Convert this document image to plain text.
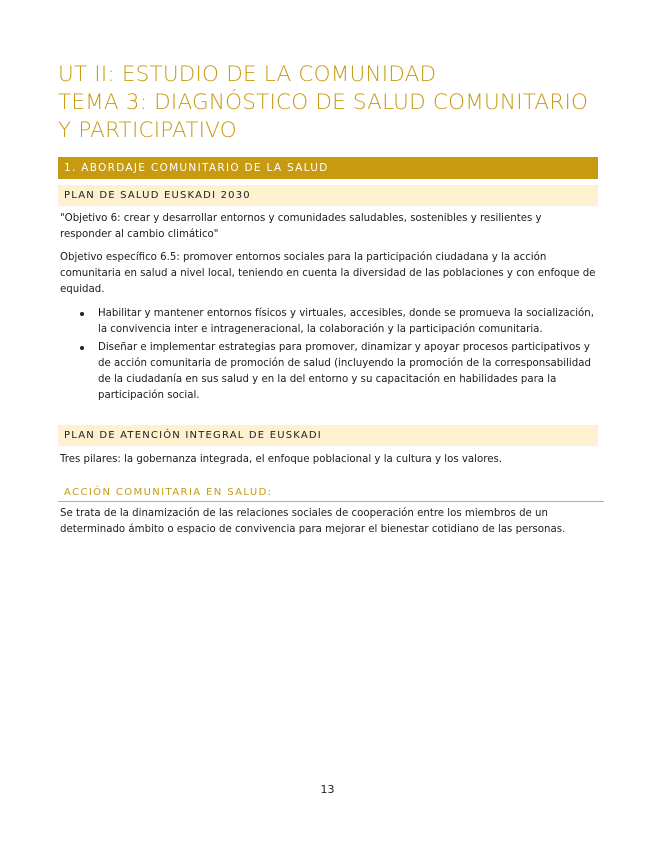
UT II: ESTUDIO DE LA COMUNIDAD
TEMA 3: DIAGNÓSTICO DE SALUD COMUNITARIO
Y PARTICIPATIVO
1. ABORDAJE COMUNITARIO DE LA SALUD
PLAN DE SALUD EUSKADI 2030
"Objetivo 6: crear y desarrollar entornos y comunidades saludables, sostenibles y resilientes y responder al cambio climático"
Objetivo específico 6.5: promover entornos sociales para la participación ciudadana y la acción comunitaria en salud a nivel local, teniendo en cuenta la diversidad de las poblaciones y con enfoque de equidad.
Habilitar y mantener entornos físicos y virtuales, accesibles, donde se promueva la socialización, la convivencia inter e intrageneracional, la colaboración y la participación comunitaria.
Diseñar e implementar estrategias para promover, dinamizar y apoyar procesos participativos y de acción comunitaria de promoción de salud (incluyendo la promoción de la corresponsabilidad de la ciudadanía en sus salud y en la del entorno y su capacitación en habilidades para la participación social.
PLAN DE ATENCIÓN INTEGRAL DE EUSKADI
Tres pilares: la gobernanza integrada, el enfoque poblacional y la cultura y los valores.
ACCIÓN COMUNITARIA EN SALUD:
Se trata de la dinamización de las relaciones sociales de cooperación entre los miembros de un determinado ámbito o espacio de convivencia para mejorar el bienestar cotidiano de las personas.
13
